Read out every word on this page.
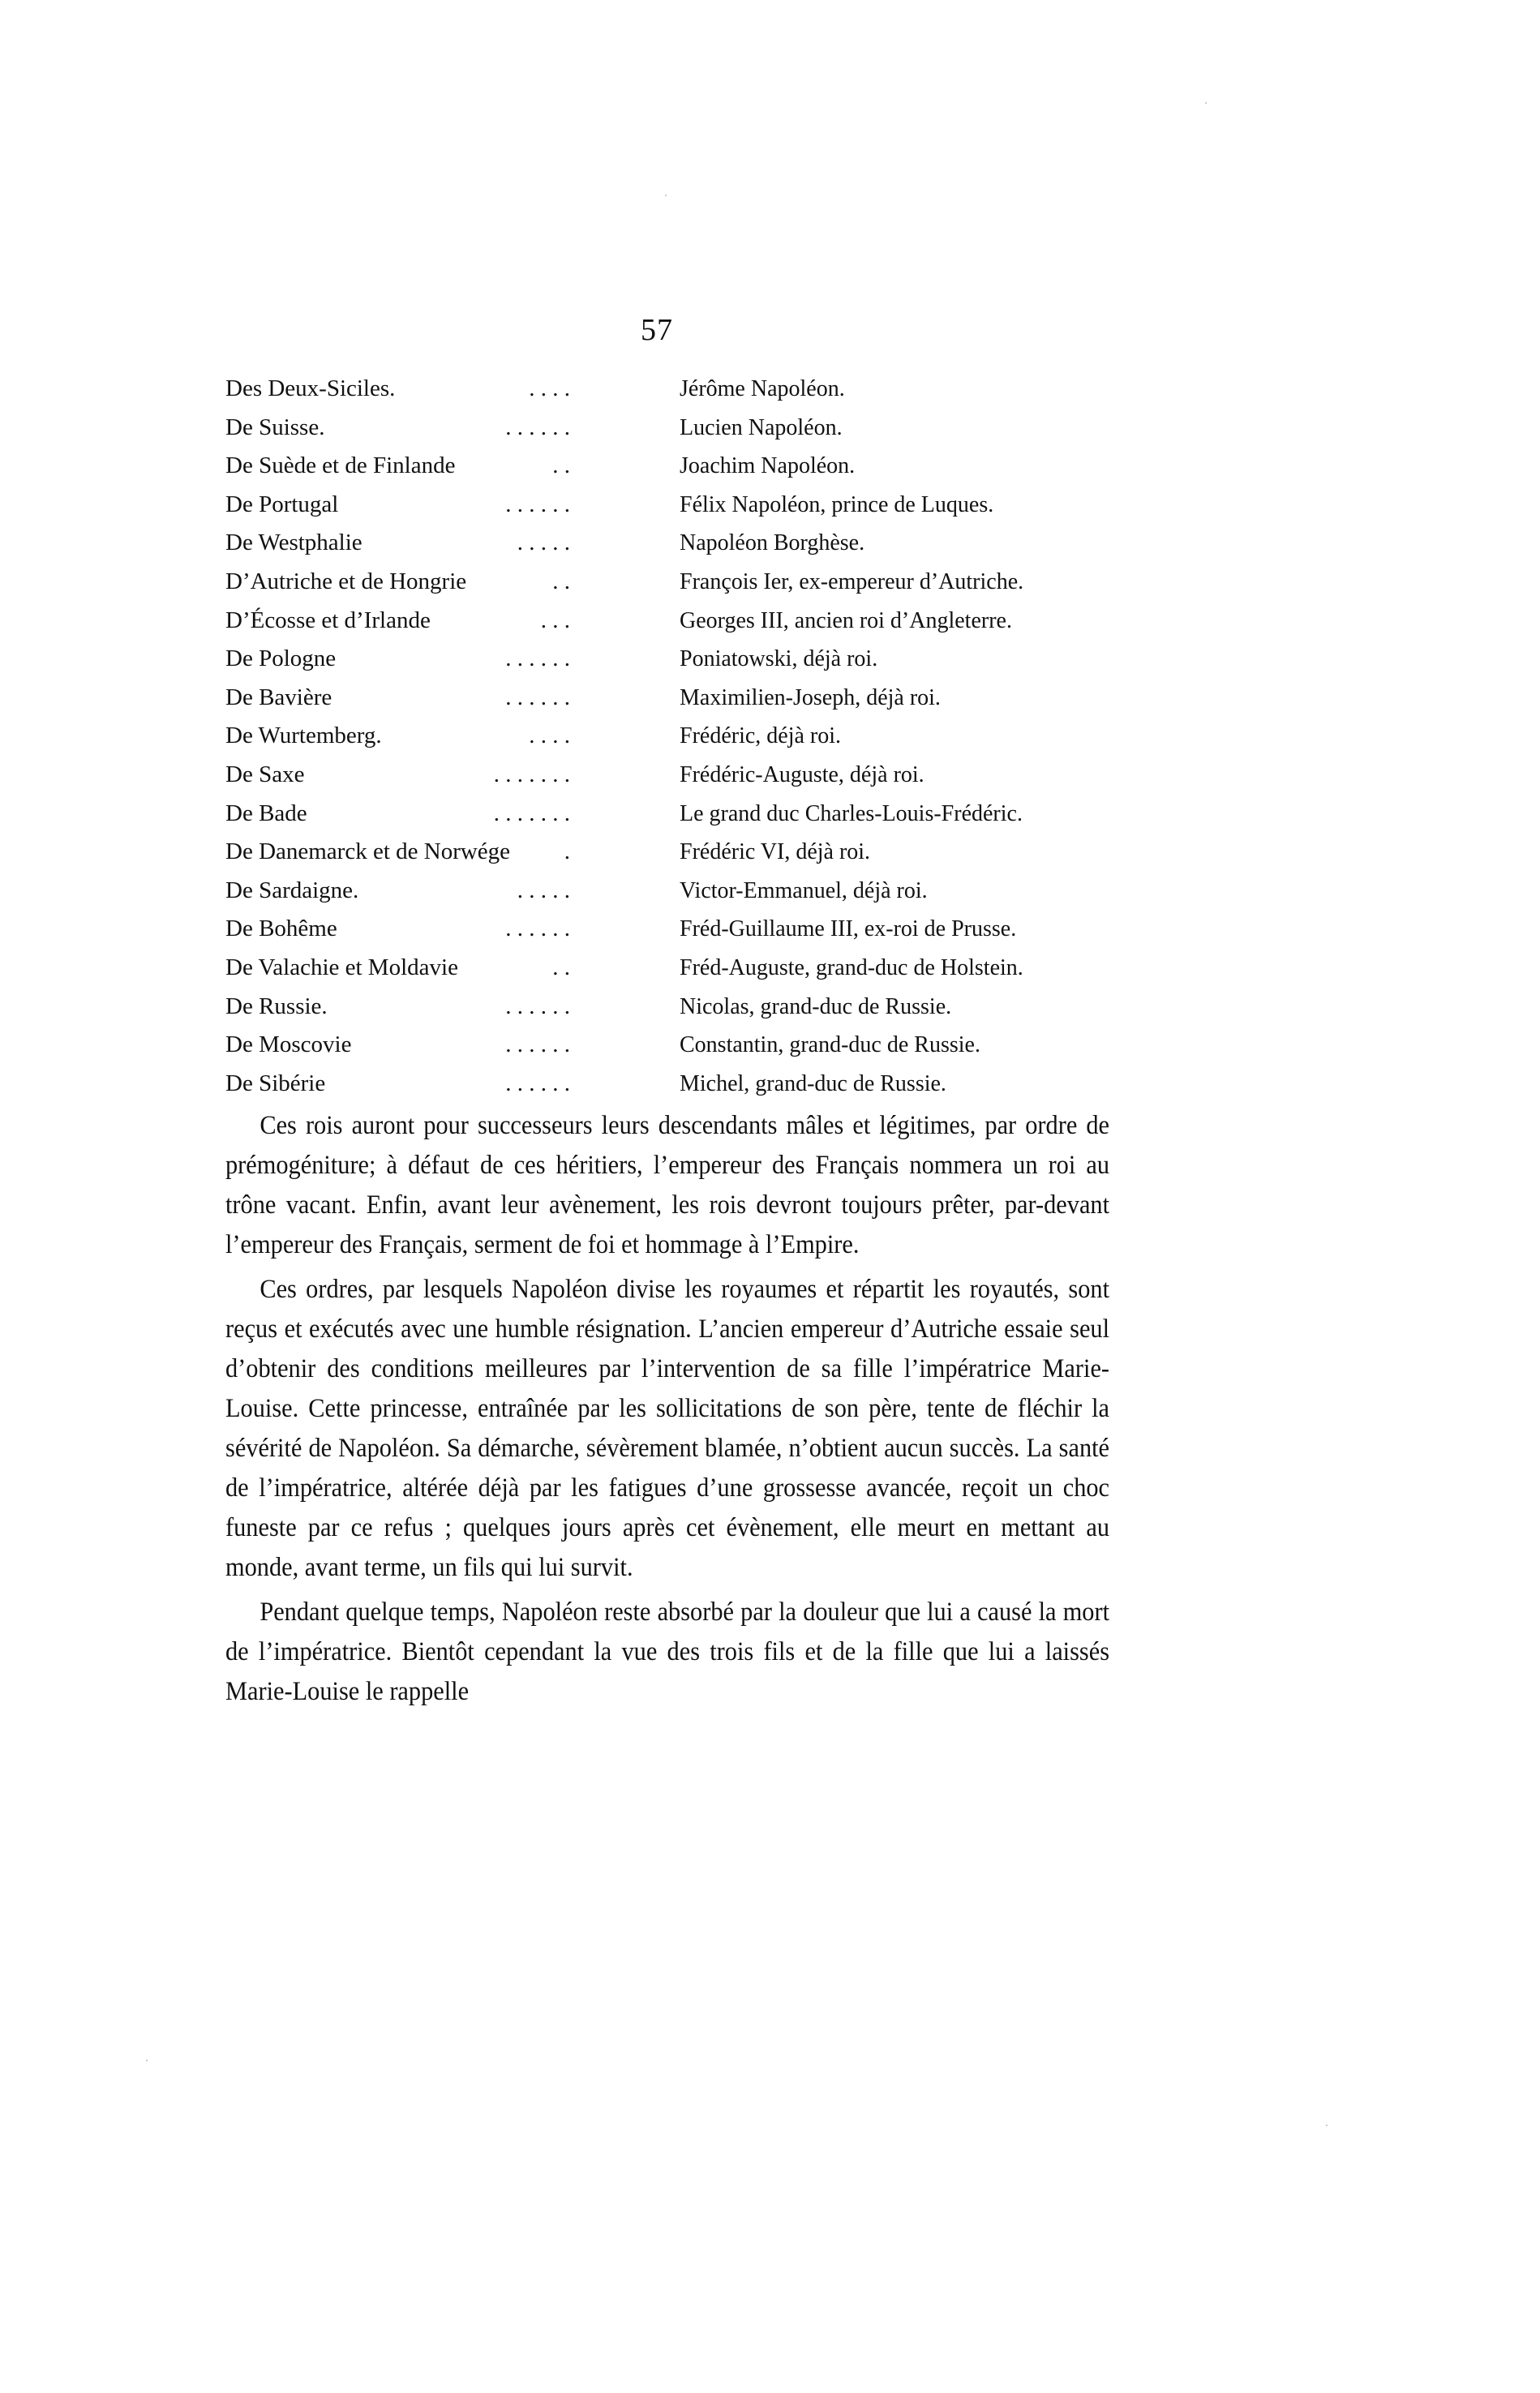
57
Des Deux-Siciles.	. . . .	Jérôme Napoléon.
De Suisse.	. . . . . .	Lucien Napoléon.
De Suède et de Finlande	. .	Joachim Napoléon.
De Portugal	. . . . . .	Félix Napoléon, prince de Luques.
De Westphalie	. . . . .	Napoléon Borghèse.
D’Autriche et de Hongrie	. .	François Ier, ex-empereur d’Autriche.
D’Écosse et d’Irlande	. . .	Georges III, ancien roi d’Angleterre.
De Pologne	. . . . . .	Poniatowski, déjà roi.
De Bavière	. . . . . .	Maximilien-Joseph, déjà roi.
De Wurtemberg.	. . . .	Frédéric, déjà roi.
De Saxe	. . . . . . .	Frédéric-Auguste, déjà roi.
De Bade	. . . . . . .	Le grand duc Charles-Louis-Frédéric.
De Danemarck et de Norwége	.	Frédéric VI, déjà roi.
De Sardaigne.	. . . . .	Victor-Emmanuel, déjà roi.
De Bohême	. . . . . .	Fréd-Guillaume III, ex-roi de Prusse.
De Valachie et Moldavie	. .	Fréd-Auguste, grand-duc de Holstein.
De Russie.	. . . . . .	Nicolas, grand-duc de Russie.
De Moscovie	. . . . . .	Constantin, grand-duc de Russie.
De Sibérie	. . . . . .	Michel, grand-duc de Russie.

Ces rois auront pour successeurs leurs descendants mâles et légitimes, par ordre de prémogéniture; à défaut de ces héritiers, l’empereur des Français nommera un roi au trône vacant. Enfin, avant leur avènement, les rois devront toujours prêter, par-devant l’empereur des Français, serment de foi et hommage à l’Empire.

Ces ordres, par lesquels Napoléon divise les royaumes et répartit les royautés, sont reçus et exécutés avec une humble résignation. L’ancien empereur d’Autriche essaie seul d’obtenir des conditions meilleures par l’intervention de sa fille l’impératrice Marie-Louise. Cette princesse, entraînée par les sollicitations de son père, tente de fléchir la sévérité de Napoléon. Sa démarche, sévèrement blamée, n’obtient aucun succès. La santé de l’impératrice, altérée déjà par les fatigues d’une grossesse avancée, reçoit un choc funeste par ce refus ; quelques jours après cet évènement, elle meurt en mettant au monde, avant terme, un fils qui lui survit.

Pendant quelque temps, Napoléon reste absorbé par la douleur que lui a causé la mort de l’impératrice. Bientôt cependant la vue des trois fils et de la fille que lui a laissés Marie-Louise le rappelle
